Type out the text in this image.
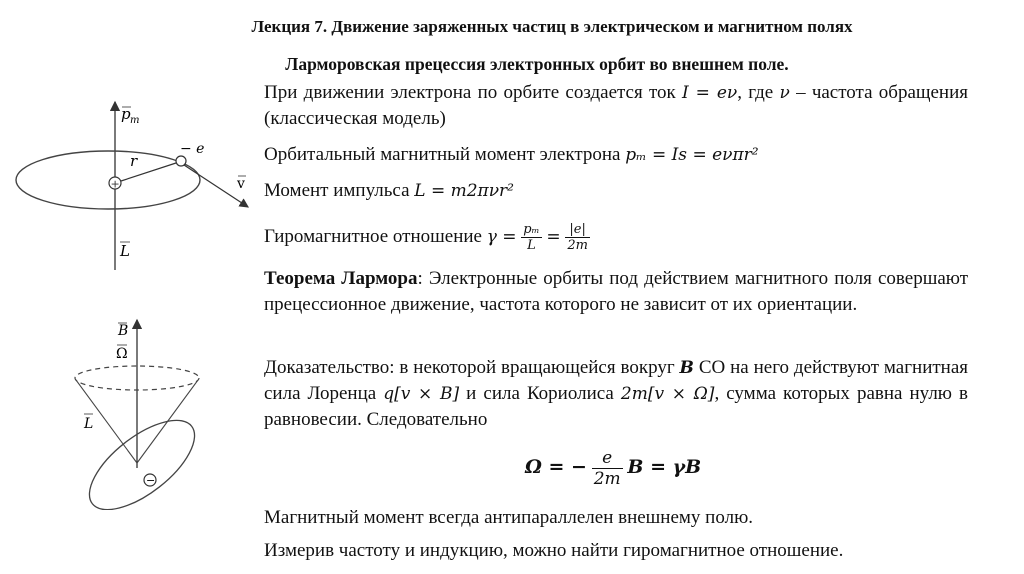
Лекция 7. Движение заряженных частиц в электрическом и магнитном полях
Ларморовская прецессия электронных орбит во внешнем поле.
+
p m
r
− e
v
L
−
B
Ω
L
При движении электрона по орбите создается ток I = eν, где ν – частота обращения (классическая модель)
Орбитальный магнитный момент электрона pₘ = Is = eνπr²
Момент импульса L = m2πνr²
Гиромагнитное отношение $\gamma = \frac{\text{pₘ}}{L} = \frac{|e|}{2m}$
Теорема Лармора: Электронные орбиты под действием магнитного поля совершают прецессионное движение, частота которого не зависит от их ориентации.
Доказательство: в некоторой вращающейся вокруг B СО на него действуют магнитная сила Лоренца q[v × B] и сила Кориолиса 2m[v × Ω], сумма которых равна нулю в равновесии. Следовательно
Ω = − $\frac{e}{2m}$ B = γB
Магнитный момент всегда антипараллелен внешнему полю.
Измерив частоту и индукцию, можно найти гиромагнитное отношение.
